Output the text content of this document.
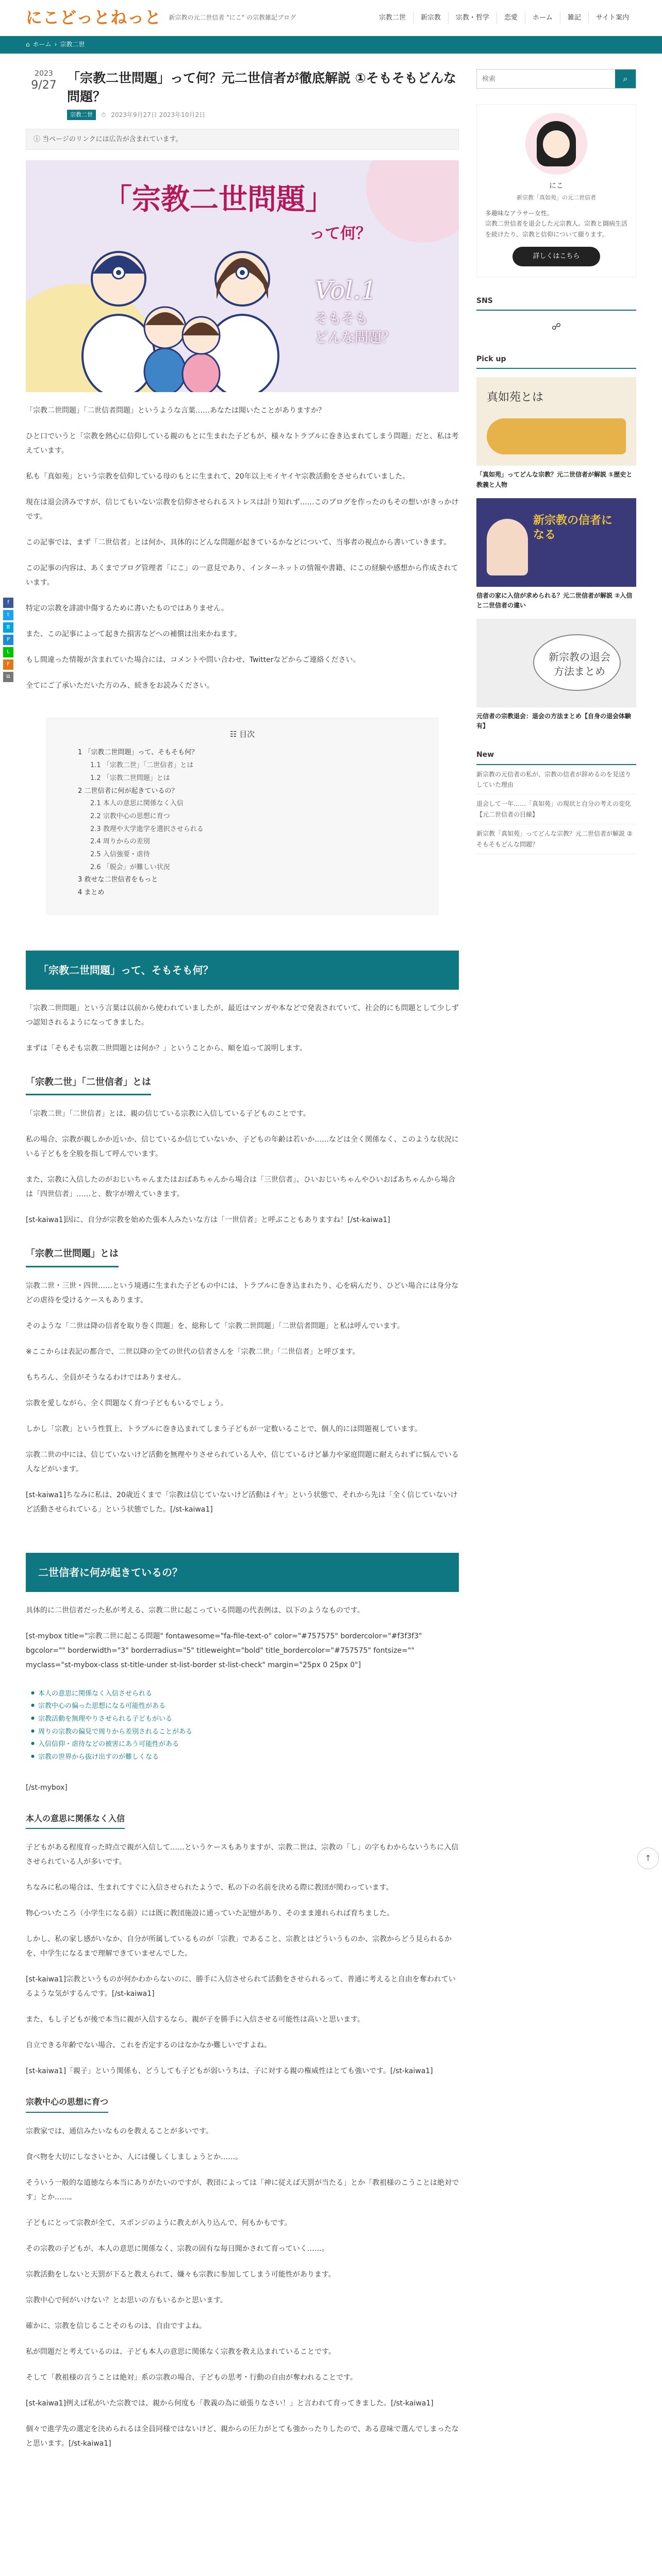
にこどっとねっと 新宗教の元二世信者 "にこ" の宗教雑記ブログ	宗教二世	新宗教	宗教・哲学	恋愛	ホーム	雑記	サイト案内
⌂ ホーム › 宗教二世
f
t
B
P
L
F
⧉
2023
9/27 「宗教二世問題」って何？元二世信者が徹底解説 ①そもそもどんな問題？
宗教二世	⏱ 2023年9月27日 2023年10月2日
ⓘ 当ページのリンクには広告が含まれています。
「宗教二世問題」
って何？
Vol.1
そもそも
どんな問題？

「宗教二世問題」「二世信者問題」というような言葉……あなたは聞いたことがありますか？

ひと口でいうと「宗教を熱心に信仰している親のもとに生まれた子どもが、様々なトラブルに巻き込まれてしまう問題」だと、私は考えています。

私も「真如苑」という宗教を信仰している母のもとに生まれて、20年以上モイヤイヤ宗教活動をさせられていました。

現在は退会済みですが、信じてもいない宗教を信仰させられるストレスは計り知れず……このブログを作ったのもその想いがきっかけです。

この記事では、まず「二世信者」とは何か、具体的にどんな問題が起きているかなどについて、当事者の視点から書いていきます。

この記事の内容は、あくまでブログ管理者「にこ」の一意見であり、インターネットの情報や書籍、にこの経験や感想から作成されています。

特定の宗教を誹謗中傷するために書いたものではありません。

また、この記事によって起きた損害などへの補償は出来かねます。

もし間違った情報が含まれていた場合には、コメントや問い合わせ、Twitterなどからご連絡ください。

全てにご了承いただいた方のみ、続きをお読みください。

☷ 目次
1 「宗教二世問題」って、そもそも何？
1.1 「宗教二世」「二世信者」とは
1.2 「宗教二世問題」とは
2 二世信者に何が起きているの？
2.1 本人の意思に関係なく入信
2.2 宗教中心の思想に育つ
2.3 教理や大学進学を選択させられる
2.4 周りからの差別
2.5 入信強要・虐待
2.6 「脱会」が難しい状況
3 救せな二世信者をもっと
4 まとめ
「宗教二世問題」って、そもそも何？

「宗教二世問題」という言葉は以前から使われていましたが、最近はマンガや本などで発表されていて、社会的にも問題として少しずつ認知されるようになってきました。

まずは「そもそも宗教二世問題とは何か？」ということから、順を追って説明します。

「宗教二世」「二世信者」とは

「宗教二世」「二世信者」とは、親の信じている宗教に入信している子どものことです。

私の場合、宗教が親しかか近いか、信じているか信じていないか、子どもの年齢は若いか……などは全く関係なく、このような状況にいる子どもを全般を指して呼んでいます。

また、宗教に入信したのがおじいちゃんまたはおばあちゃんから場合は「三世信者」、ひいおじいちゃんやひいおばあちゃんから場合は「四世信者」……と、数字が増えていきます。

[st-kaiwa1]因に、自分が宗教を始めた張本人みたいな方は「一世信者」と呼ぶこともありますね！[/st-kaiwa1]

「宗教二世問題」とは

宗教二世・三世・四世……という境遇に生まれた子どもの中には、トラブルに巻き込まれたり、心を病んだり、ひどい場合には身分などの虐待を受けるケースもあります。

そのような「二世は降の信者を取り巻く問題」を、総称して「宗教二世問題」「二世信者問題」と私は呼んでいます。

※ここからは表記の都合で、二世以降の全ての世代の信者さんを「宗教二世」「二世信者」と呼びます。

もちろん、全員がそうなるわけではありません。

宗教を愛しながら、全く問題なく育つ子どももいるでしょう。

しかし「宗教」という性質上、トラブルに巻き込まれてしまう子どもが一定数いることで、個人的には問題視しています。

宗教二世の中には、信じていないけど活動を無理やりさせられている人や、信じているけど暴力や家庭問題に耐えられずに悩んでいる人などがいます。

[st-kaiwa1]ちなみに私は、20歳近くまで「宗教は信じていないけど活動はイヤ」という状態で、それから先は「全く信じていないけど活動させられている」という状態でした。[/st-kaiwa1]

二世信者に何が起きているの？

具体的に二世信者だった私が考える、宗教二世に起こっている問題の代表例は、以下のようなものです。

[st-mybox title="宗教二世に起こる問題" fontawesome="fa-file-text-o" color="#757575" bordercolor="#f3f3f3" bgcolor="" borderwidth="3" borderradius="5" titleweight="bold" title_bordercolor="#757575" fontsize="" myclass="st-mybox-class st-title-under st-list-border st-list-check" margin="25px 0 25px 0"]

● 本人の意思に関係なく入信させられる
● 宗教中心の偏った思想になる可能性がある
● 宗教活動を無理やりさせられる子どもがいる
● 周りの宗教の偏見で周りから差別されることがある
● 入信信仰・虐待などの被害にあう可能性がある
● 宗教の世界から抜け出すのが難しくなる

[/st-mybox]

本人の意思に関係なく入信

子どもがある程度育った時点で親が入信して……というケースもありますが、宗教二世は、宗教の「し」の字もわからないうちに入信させられている人が多いです。

ちなみに私の場合は、生まれてすぐに入信させられたようで、私の下の名前を決める際に教団が関わっています。

物心ついたころ（小学生になる前）には既に教団施設に通っていた記憶があり、そのまま連れられば育ちました。

しかし、私の家し感がいなか、自分が所属しているものが「宗教」であること、宗教とはどういうものか、宗教からどう見られるかを、中学生になるまで理解できていませんでした。

[st-kaiwa1]宗教というものが何かわからないのに、勝手に入信させられて活動をさせられるって、普通に考えると自由を奪われているような気がするんです。[/st-kaiwa1]

また、もし子どもが後で本当に親が入信するなら、親が子を勝手に入信させる可能性は高いと思います。

自立できる年齢でない場合、これを否定するのはなかなか難しいですよね。

[st-kaiwa1]「親子」という関係も、どうしても子どもが弱いうちは、子に対する親の権威性はとても強いです。[/st-kaiwa1]

宗教中心の思想に育つ

宗教家では、通信みたいなものを教えることが多いです。

食べ物を大切にしなさいとか、人には優しくしましょうとか……。

そういう一般的な道徳なら本当にありがたいのですが、教団によっては「神に従えば天罰が当たる」とか「教祖様のこうことは絶対です」とか……。

子どもにとって宗教が全て、スポンジのように教えが入り込んで、何もかもです。

その宗教の子どもが、本人の意思に関係なく、宗教の固有な毎日聞かされて育っていく……。

宗教活動をしないと天罰が下ると教えられて、嫌々も宗教に参加してしまう可能性があります。

宗教中心で何がいけない？とお思いの方もいるかと思います。

確かに、宗教を信じることそのものは、自由ですよね。

私が問題だと考えているのは、子ども本人の意思に関係なく宗教を教え込まれていることです。

そして「教祖様の言うことは絶対」系の宗教の場合、子どもの思考・行動の自由が奪われることです。

[st-kaiwa1]例えば私がいた宗教では、親から何度も「教義の為に頑張りなさい！」と言われて育ってきました。[/st-kaiwa1]

個々で進学先の選定を決められるは全員同様ではないけど、親からの圧力がとても強かったりしたので、ある意味で選んでしまったなと思います。[/st-kaiwa1]

検索
⌕
にこ
新宗教「真如苑」の元二世信者
多趣味なアラサー女性。
宗教二世信者を退会した元宗教人。宗教と闘病生活を続けたり、宗教と信仰について綴ります。
詳しくはこちら
SNS
☍
Pick up
真如苑とは
「真如苑」ってどんな宗教？元二世信者が解説 ①歴史と教義と人物
新宗教の信者になる
信者の家に入信が求められる？元二世信者が解説 ②入信と二世信者の違い
新宗教の退会方法まとめ
元信者の宗教退会：退会の方法まとめ【自身の退会体験有】
New
新宗教の元信者の私が、宗教の信者が辞めるのを見送りしていた理由
退会して一年……「真如苑」の現状と自分の考えの変化【元二世信者の目線】
新宗教「真如苑」ってどんな宗教？元二世信者が解説 ②そもそもどんな問題？
↑
